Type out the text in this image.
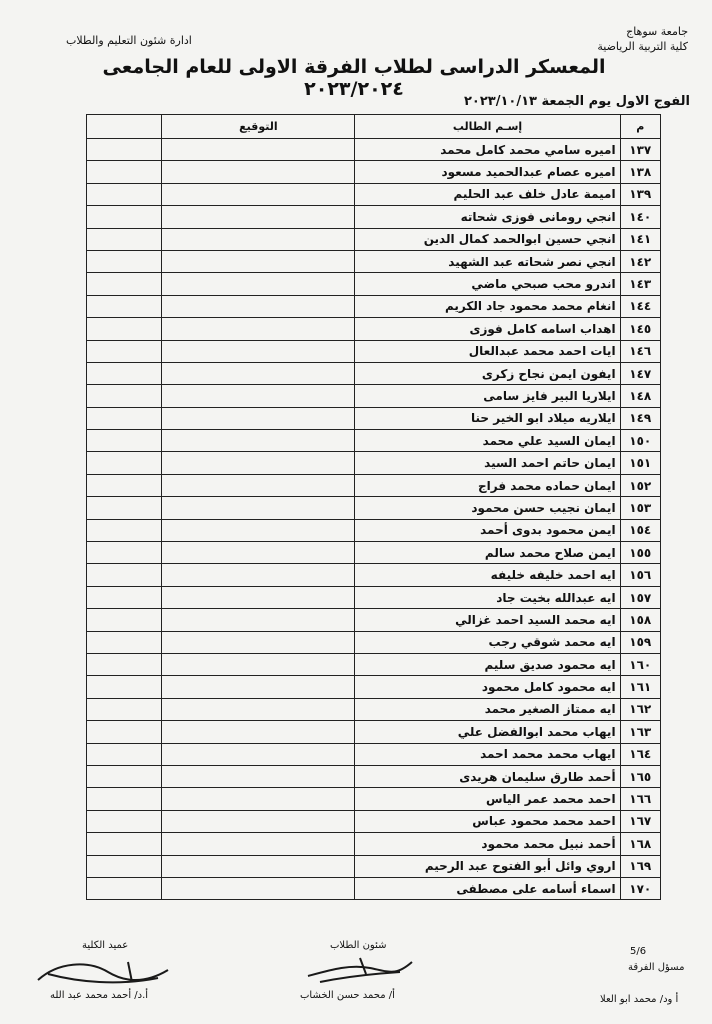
جامعة سوهاج
كلية التربية الرياضية
ادارة شئون التعليم والطلاب
المعسكر الدراسى لطلاب الفرقة الاولى للعام الجامعى ٢٠٢٣/٢٠٢٤
الفوج الاول يوم الجمعة ٢٠٢٣/١٠/١٣
م	إسـم الطالب	التوقيع	
١٣٧	اميره سامي محمد كامل محمد		
١٣٨	اميره عصام عبدالحميد مسعود		
١٣٩	اميمة عادل خلف عبد الحليم		
١٤٠	انجي رومانى فوزى شحاته		
١٤١	انجي حسين ابوالحمد كمال الدين		
١٤٢	انجي نصر شحاته عبد الشهيد		
١٤٣	اندرو محب صبحي ماضي		
١٤٤	انغام محمد محمود جاد الكريم		
١٤٥	اهداب اسامه كامل فوزى		
١٤٦	ايات احمد محمد عبدالعال		
١٤٧	ايفون ايمن نجاح زكرى		
١٤٨	ايلاريا البير فايز سامى		
١٤٩	ايلاريه ميلاد ابو الخير حنا		
١٥٠	ايمان السيد علي محمد		
١٥١	ايمان حاتم احمد السيد		
١٥٢	ايمان حماده محمد فراج		
١٥٣	ايمان نجيب حسن محمود		
١٥٤	ايمن محمود بدوى أحمد		
١٥٥	ايمن صلاح محمد سالم		
١٥٦	ايه احمد خليفه خليفه		
١٥٧	ايه عبدالله بخيت جاد		
١٥٨	ايه محمد السيد احمد غزالي		
١٥٩	ايه محمد شوقي رجب		
١٦٠	ايه محمود صديق سليم		
١٦١	ايه محمود كامل محمود		
١٦٢	ايه ممتاز الصغير محمد		
١٦٣	ايهاب محمد ابوالفضل علي		
١٦٤	ايهاب محمد محمد احمد		
١٦٥	أحمد طارق سليمان هريدى		
١٦٦	احمد محمد عمر الياس		
١٦٧	احمد محمد محمود عباس		
١٦٨	أحمد نبيل محمد محمود		
١٦٩	اروي وائل أبو الفتوح عبد الرحيم		
١٧٠	اسماء أسامه على مصطفى		
عميد الكلية
أ.د/ أحمد محمد عبد الله
شئون الطلاب
أ/ محمد حسن الخشاب
5/6
مسؤل الفرقة
أ ود/ محمد ابو العلا
